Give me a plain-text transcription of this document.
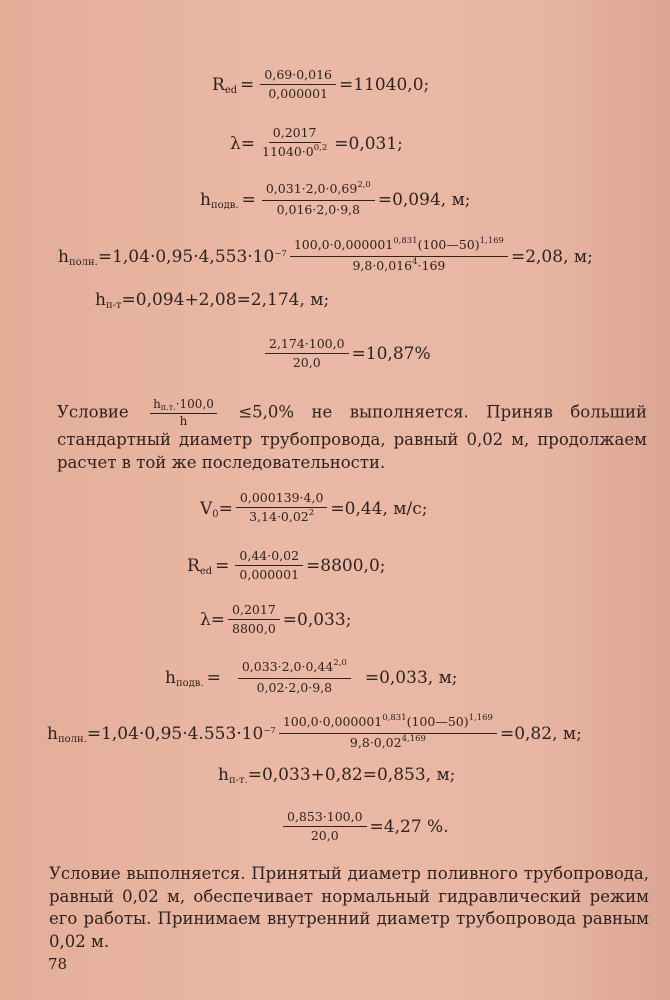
Red = $\frac{0,69\cdot 0,016}{0,000001} =11040,0$;
$\lambda= \frac{0,2017}{11040\cdot 0^{0,2}} =0,031$;
hподв. = $\frac{0,031\cdot 2,0\cdot 0,69^{2,0}}{0,016\cdot 2,0\cdot 9,8} =0,094$, м;
hполн. $=1,04\cdot 0,95\cdot 4,553\cdot 10^{-7} \frac{100,0\cdot 0,000001^{0,831}(100—50)^{1,169}}{9,8\cdot 0,016^4\cdot 169} =2,08$, м;
hп-т =0,094+2,08=2,174, м;
$\frac{2,174\cdot 100,0}{20,0} =10,87\%$
Условие $\frac{hп.т.\cdot 100,0}{h} \le 5,0\%$ не выполняется. Приняв больший стандартный диаметр трубопровода, равный 0,02 м, продолжаем расчет в той же последовательности.
$V0 = \frac{0,000139\cdot 4,0}{3,14\cdot 0,02^2} =0,44$, м/с;
Red = $\frac{0,44\cdot 0,02}{0,000001} =8800,0$;
$\lambda= \frac{0,2017}{8800,0} =0,033$;
hподв. = $\frac{0,033\cdot 2,0\cdot 0,44^{2,0}}{0,02\cdot 2,0\cdot 9,8} =0,033$, м;
hполн. $=1,04\cdot 0,95\cdot 4.553\cdot 10^{-7} \frac{100,0\cdot 0,000001^{0,831}(100—50)^{1,169}}{9,8\cdot 0,02^{4,169}} =0,82$, м;
hп-т. =0,033+0,82=0,853, м;
$\frac{0,853\cdot 100,0}{20,0} =4,27$ %.
Условие выполняется. Принятый диаметр поливного трубопровода, равный 0,02 м, обеспечивает нормальный гидравлический режим его работы. Принимаем внутренний диаметр трубопровода равным 0,02 м.
78
